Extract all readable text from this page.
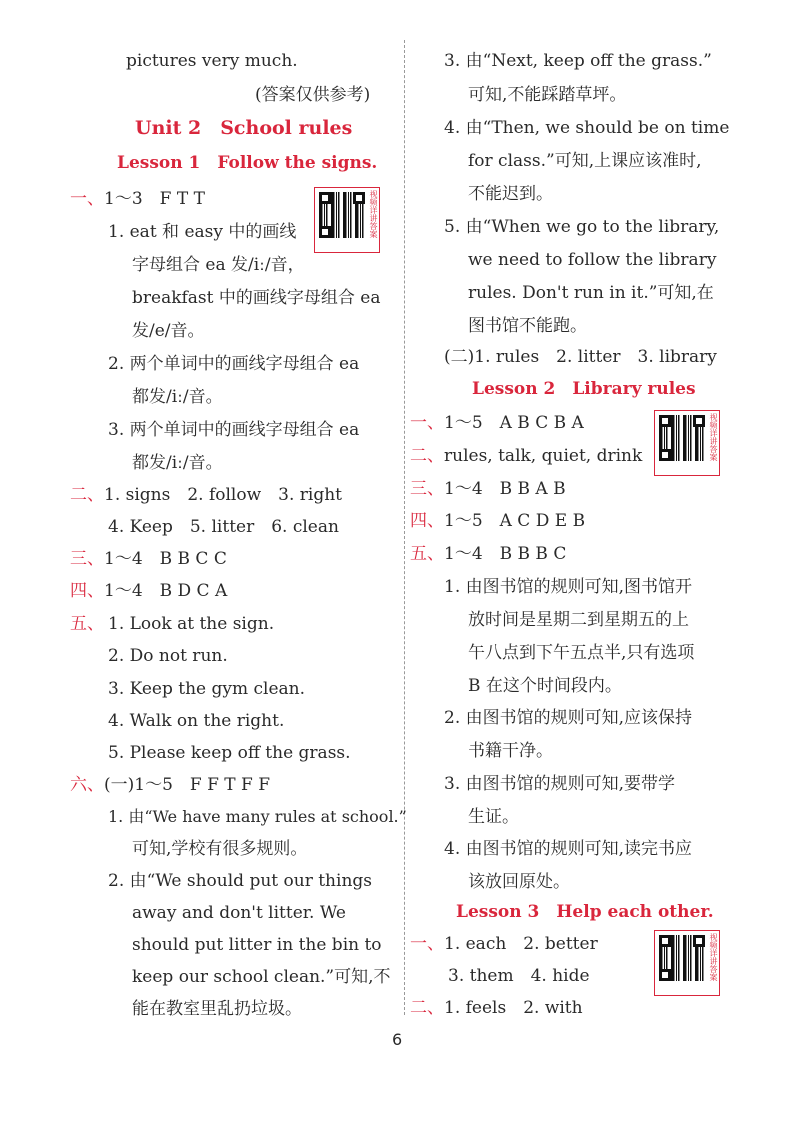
pictures very much.
(答案仅供参考)
Unit 2　School rules
Lesson 1　Follow the signs.
一、 1～3　F T T	视频详讲答案
1. eat 和 easy 中的画线
字母组合 ea 发/iː/音，
breakfast 中的画线字母组合 ea
发/e/音。
2. 两个单词中的画线字母组合 ea
都发/iː/音。
3. 两个单词中的画线字母组合 ea
都发/iː/音。
二、 1. signs　2. follow　3. right
4. Keep　5. litter　6. clean
三、 1～4　B B C C
四、 1～4　B D C A
五、 1. Look at the sign.
2. Do not run.
3. Keep the gym clean.
4. Walk on the right.
5. Please keep off the grass.
六、 (一)1～5　F F T F F
1. 由“We have many rules at school.”
可知,学校有很多规则。
2. 由“We should put our things
away and don't litter. We
should put litter in the bin to
keep our school clean.”可知,不
能在教室里乱扔垃圾。
3. 由“Next, keep off the grass.”
可知,不能踩踏草坪。
4. 由“Then, we should be on time
for class.”可知,上课应该准时,
不能迟到。
5. 由“When we go to the library,
we need to follow the library
rules. Don't run in it.”可知,在
图书馆不能跑。
(二)1. rules　2. litter　3. library
Lesson 2　Library rules
一、 1～5　A B C B A	视频详讲答案
二、 rules, talk, quiet, drink
三、 1～4　B B A B
四、 1～5　A C D E B
五、 1～4　B B B C
1. 由图书馆的规则可知,图书馆开
放时间是星期二到星期五的上
午八点到下午五点半,只有选项
B 在这个时间段内。
2. 由图书馆的规则可知,应该保持
书籍干净。
3. 由图书馆的规则可知,要带学
生证。
4. 由图书馆的规则可知,读完书应
该放回原处。
Lesson 3　Help each other.
一、 1. each　2. better	视频详讲答案
3. them　4. hide
二、 1. feels　2. with
6
